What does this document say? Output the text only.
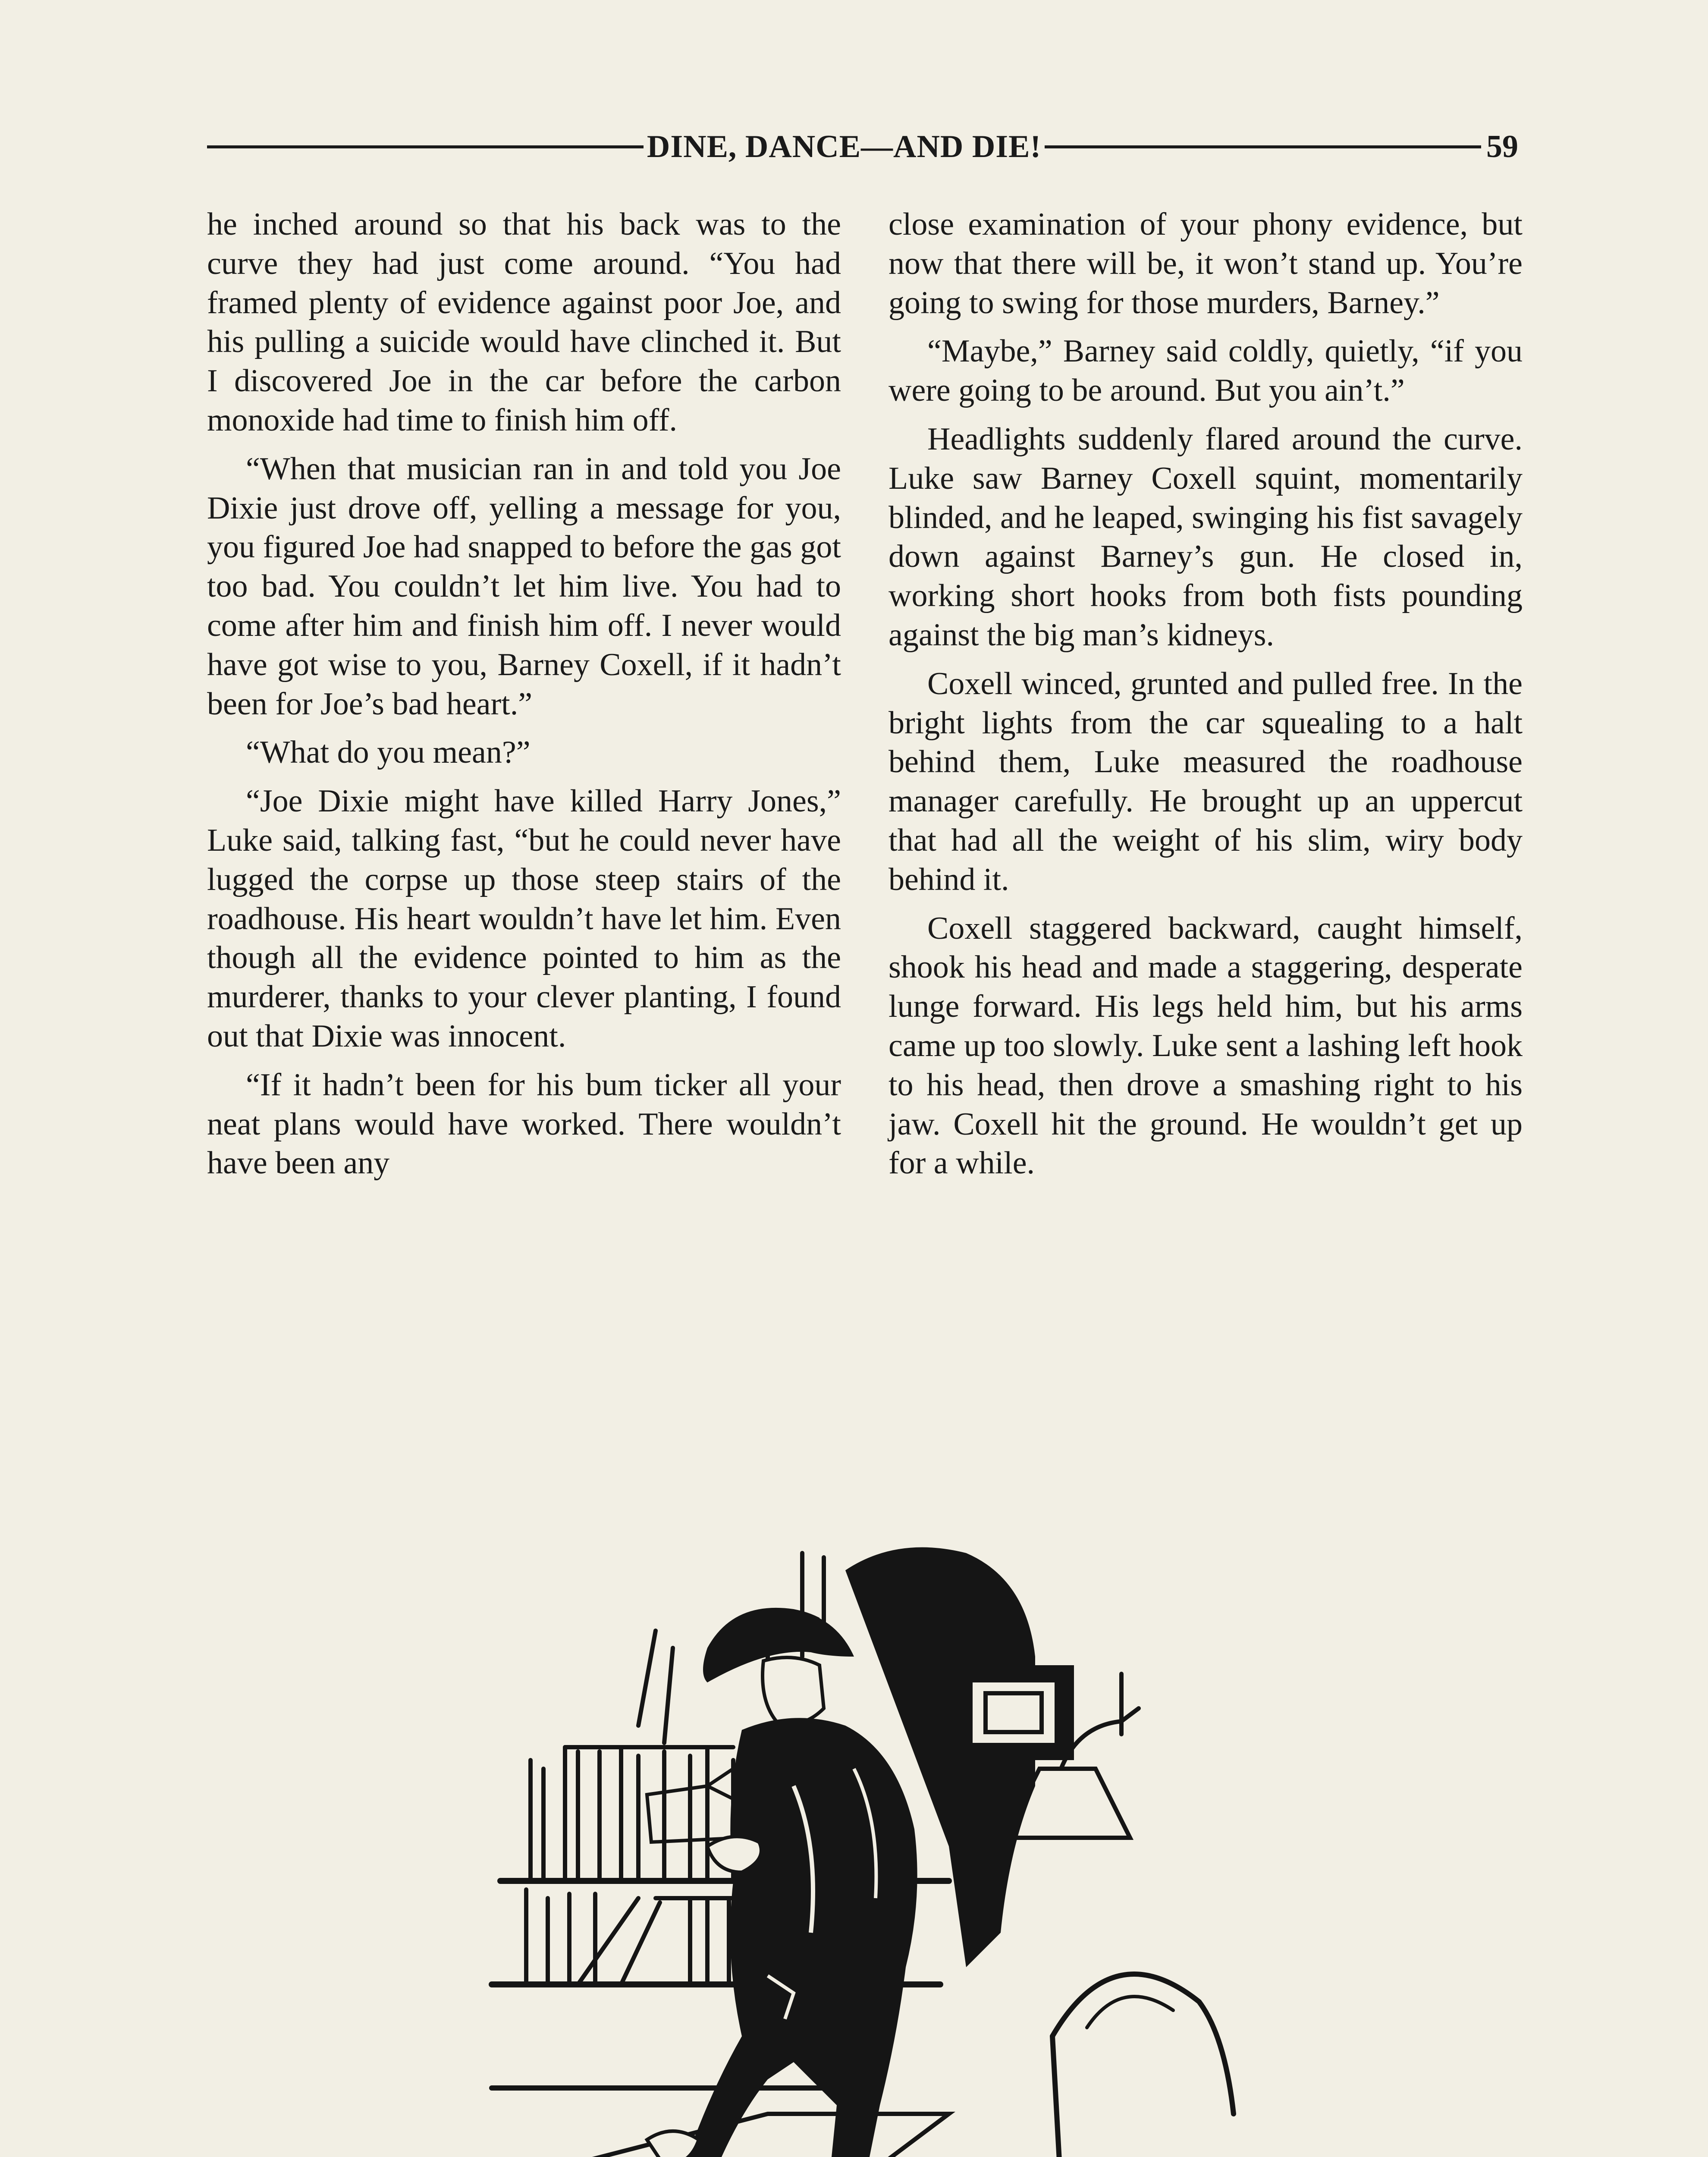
DINE, DANCE—AND DIE!	59

he inched around so that his back was to the curve they had just come around. “You had framed plenty of evidence against poor Joe, and his pulling a suicide would have clinched it. But I discovered Joe in the car before the carbon monoxide had time to finish him off.

“When that musician ran in and told you Joe Dixie just drove off, yelling a message for you, you figured Joe had snapped to before the gas got too bad. You couldn’t let him live. You had to come after him and finish him off. I never would have got wise to you, Barney Coxell, if it hadn’t been for Joe’s bad heart.”

“What do you mean?”

“Joe Dixie might have killed Harry Jones,” Luke said, talking fast, “but he could never have lugged the corpse up those steep stairs of the roadhouse. His heart wouldn’t have let him. Even though all the evidence pointed to him as the murderer, thanks to your clever planting, I found out that Dixie was innocent.

“If it hadn’t been for his bum ticker all your neat plans would have worked. There wouldn’t have been any

close examination of your phony evidence, but now that there will be, it won’t stand up. You’re going to swing for those murders, Barney.”

“Maybe,” Barney said coldly, quietly, “if you were going to be around. But you ain’t.”

Headlights suddenly flared around the curve. Luke saw Barney Coxell squint, momentarily blinded, and he leaped, swinging his fist savagely down against Barney’s gun. He closed in, working short hooks from both fists pounding against the big man’s kidneys.

Coxell winced, grunted and pulled free. In the bright lights from the car squealing to a halt behind them, Luke measured the roadhouse manager carefully. He brought up an uppercut that had all the weight of his slim, wiry body behind it.

Coxell staggered backward, caught himself, shook his head and made a staggering, desperate lunge forward. His legs held him, but his arms came up too slowly. Luke sent a lashing left hook to his head, then drove a smashing right to his jaw. Coxell hit the ground. He wouldn’t get up for a while.
